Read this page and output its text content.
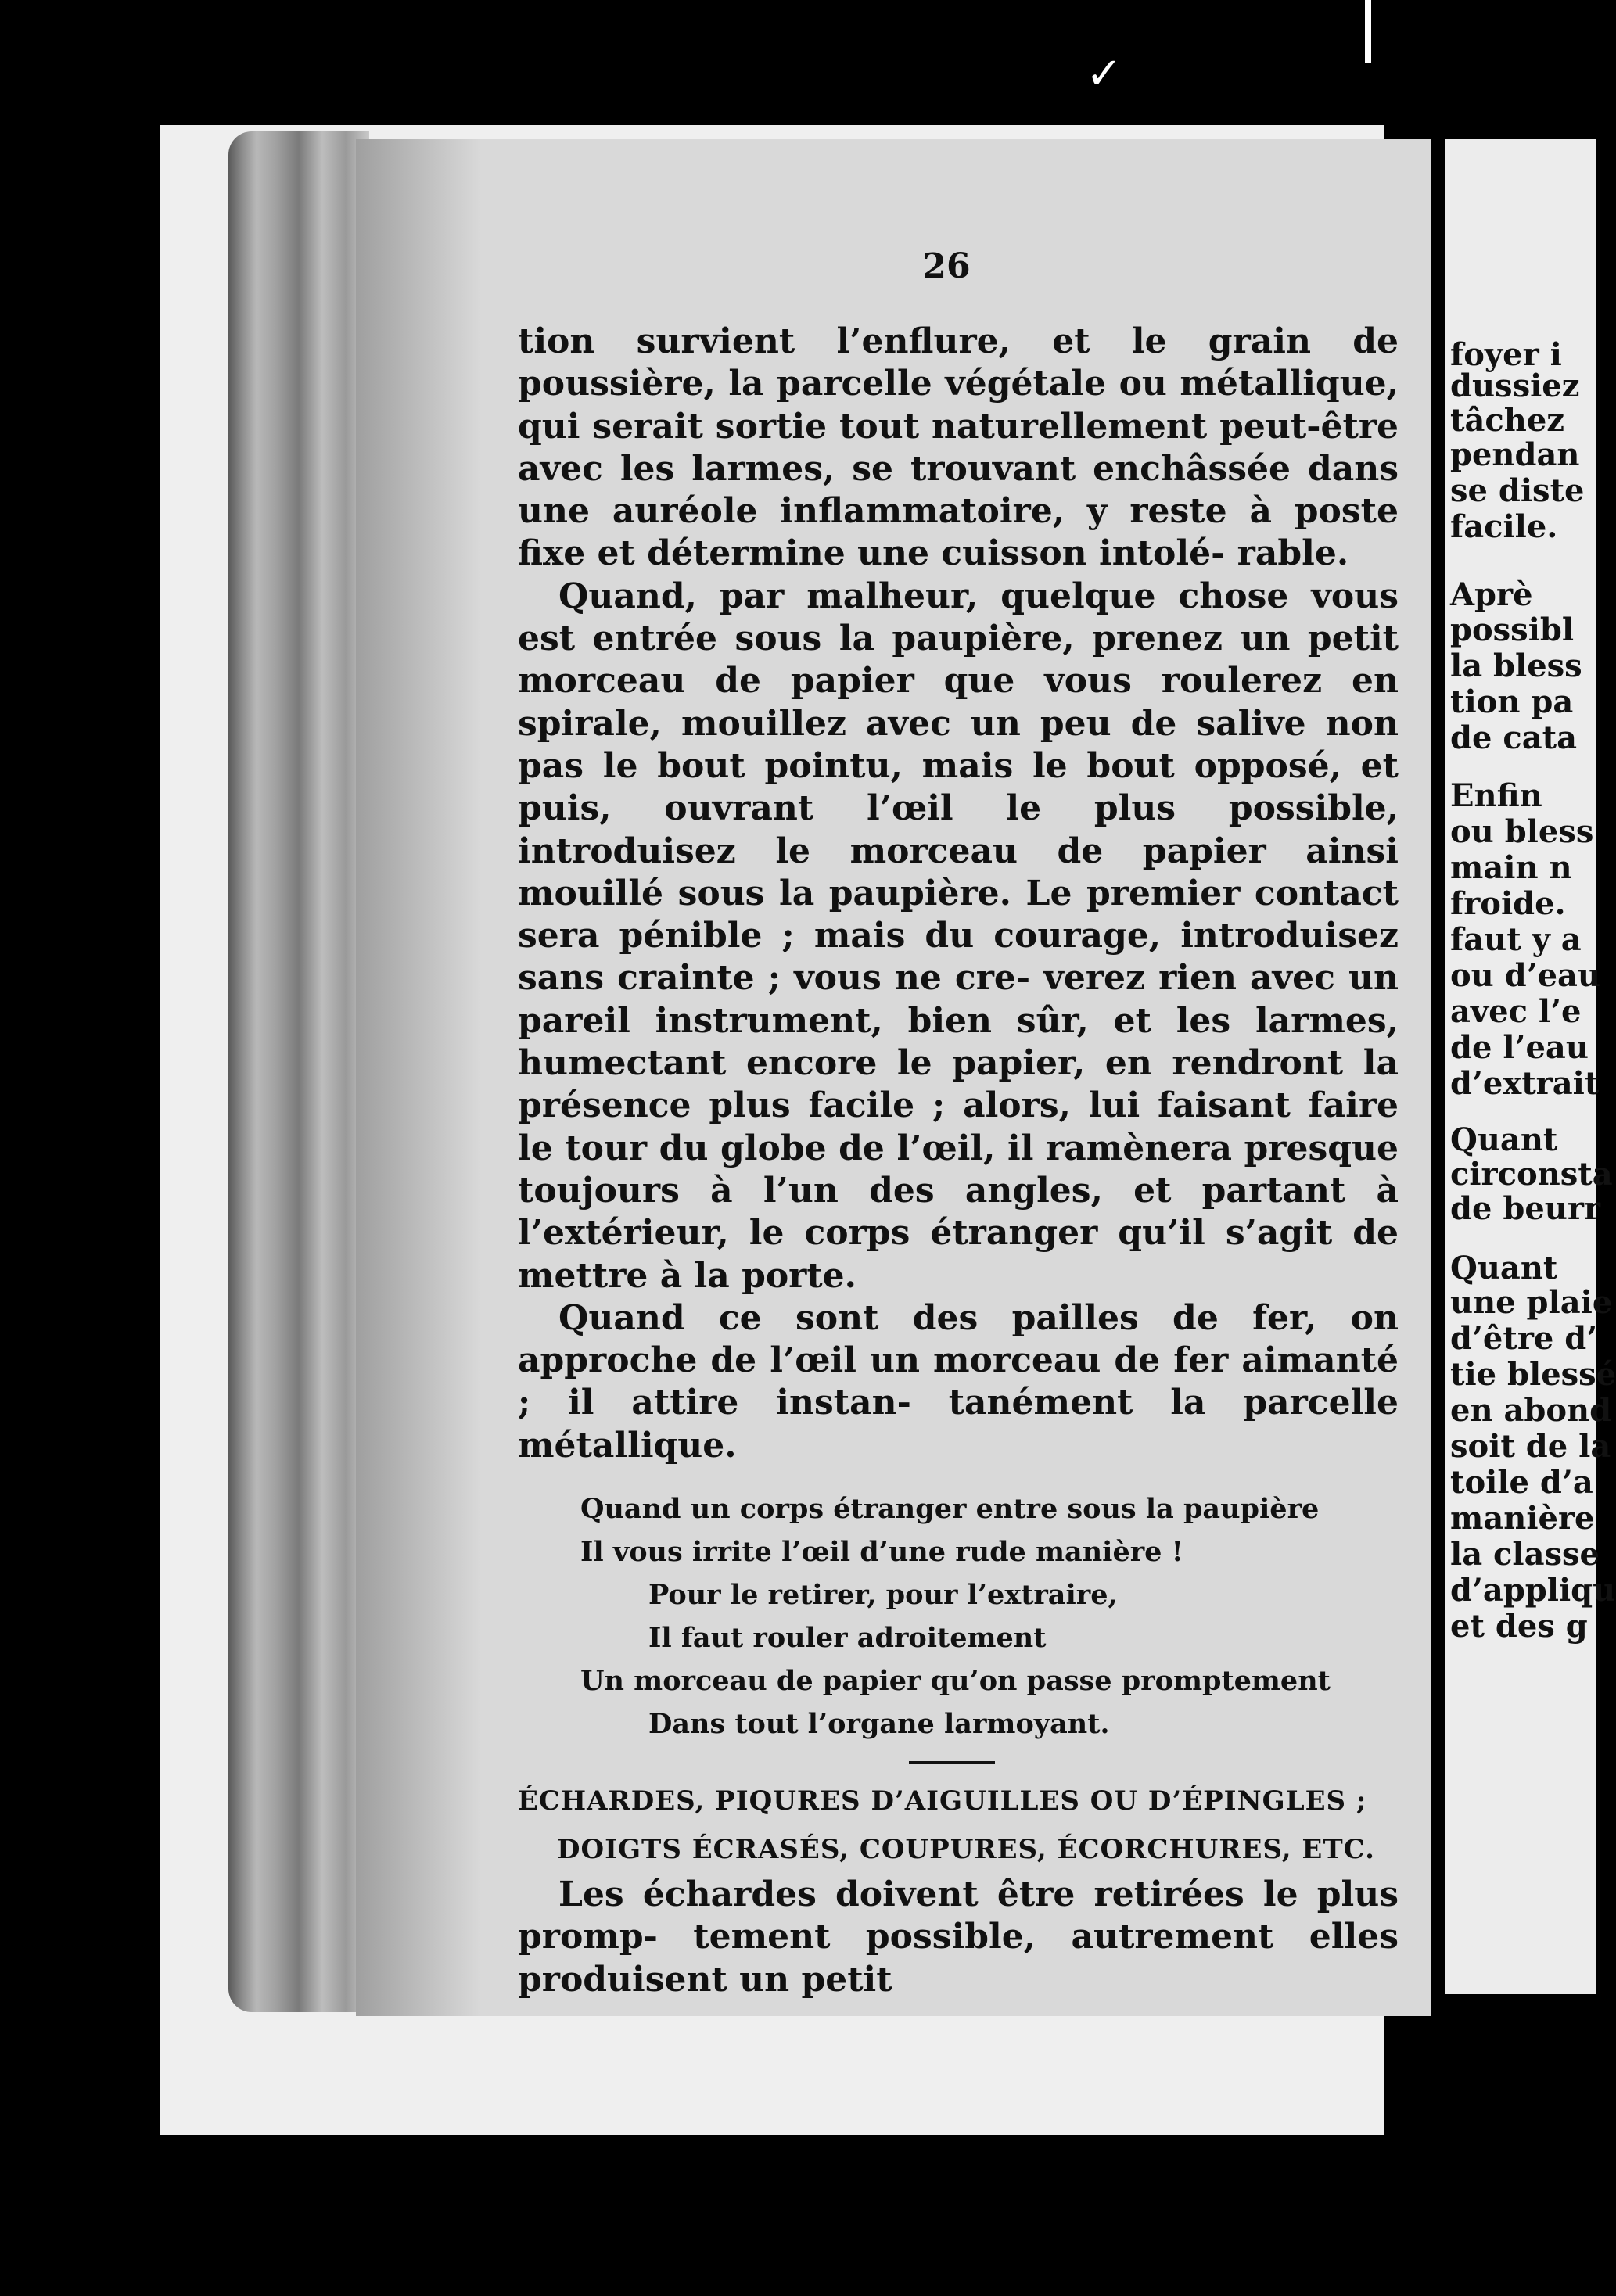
✓
26

tion survient l’enflure, et le grain de poussière, la parcelle végétale ou métallique, qui serait sortie tout naturellement peut-être avec les larmes, se trouvant enchâssée dans une auréole inflammatoire, y reste à poste fixe et détermine une cuisson intolé- rable.

Quand, par malheur, quelque chose vous est entrée sous la paupière, prenez un petit morceau de papier que vous roulerez en spirale, mouillez avec un peu de salive non pas le bout pointu, mais le bout opposé, et puis, ouvrant l’œil le plus possible, introduisez le morceau de papier ainsi mouillé sous la paupière. Le premier contact sera pénible ; mais du courage, introduisez sans crainte ; vous ne cre- verez rien avec un pareil instrument, bien sûr, et les larmes, humectant encore le papier, en rendront la présence plus facile ; alors, lui faisant faire le tour du globe de l’œil, il ramènera presque toujours à l’un des angles, et partant à l’extérieur, le corps étranger qu’il s’agit de mettre à la porte.

Quand ce sont des pailles de fer, on approche de l’œil un morceau de fer aimanté ; il attire instan- tanément la parcelle métallique.

Quand un corps étranger entre sous la paupière
Il vous irrite l’œil d’une rude manière !
Pour le retirer, pour l’extraire,
Il faut rouler adroitement
Un morceau de papier qu’on passe promptement
Dans tout l’organe larmoyant.
ÉCHARDES, PIQURES D’AIGUILLES OU D’ÉPINGLES ;
DOIGTS ÉCRASÉS, COUPURES, ÉCORCHURES, ETC.

Les échardes doivent être retirées le plus promp- tement possible, autrement elles produisent un petit

foyer i
dussiez
tâchez
pendan
se diste
facile.
Aprè
possibl
la bless
tion pa
de cata
Enfin
ou bless
main n
froide.
faut y a
ou d’eau
avec l’e
de l’eau
d’extrait
Quant
circonsta
de beurr
Quant
une plaie
d’être d’
tie blessé
en abond
soit de la
toile d’a
manière
la classe
d’appliqu
et des g
